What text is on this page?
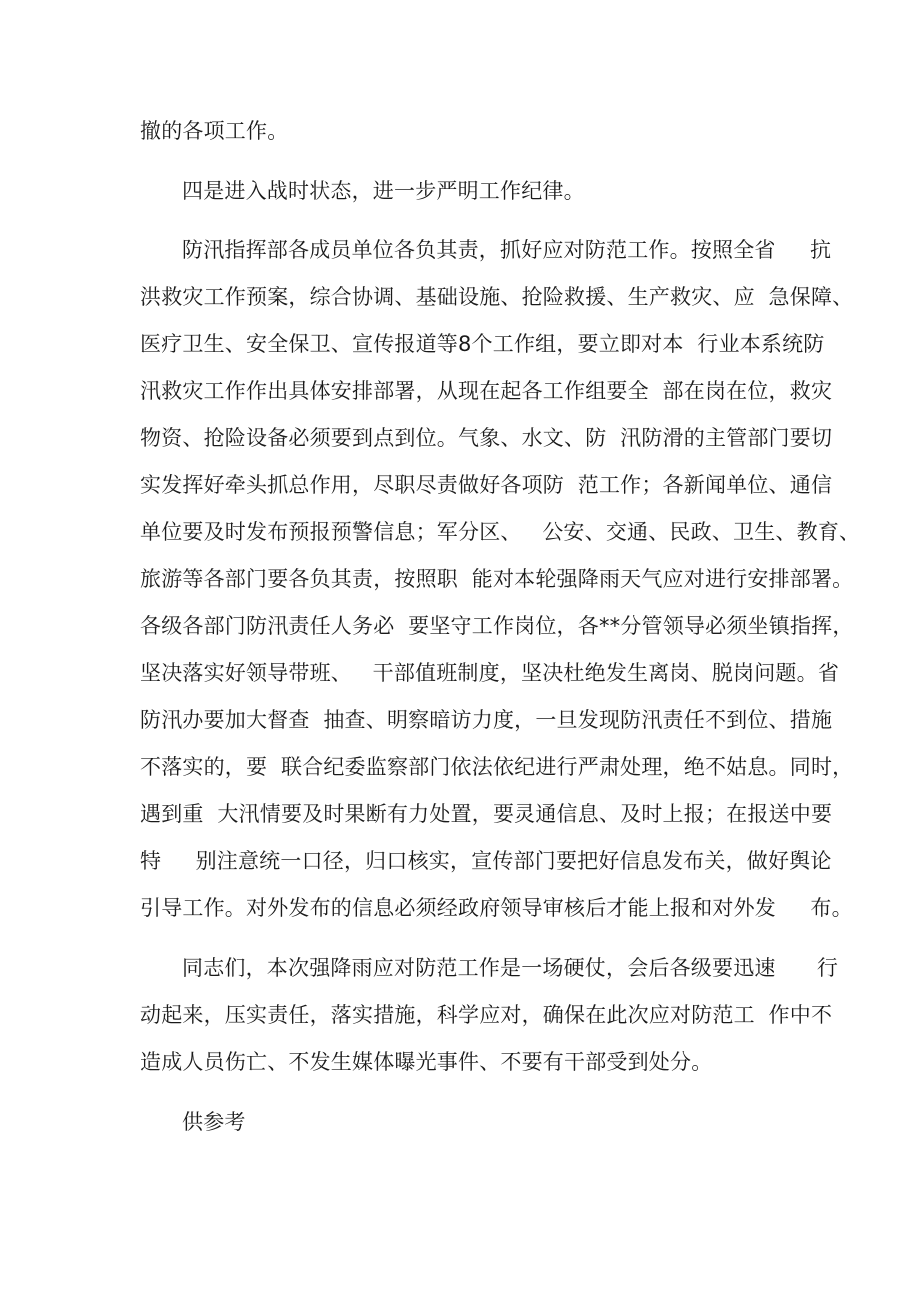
撤的各项工作。
四是进入战时状态，进一步严明工作纪律。
防汛指挥部各成员单位各负其责，抓好应对防范工作。按照全省     抗
洪救灾工作预案，综合协调、基础设施、抢险救援、生产救灾、应  急保障、
医疗卫生、安全保卫、宣传报道等8个工作组，要立即对本  行业本系统防
汛救灾工作作出具体安排部署，从现在起各工作组要全  部在岗在位，救灾
物资、抢险设备必须要到点到位。气象、水文、防  汛防滑的主管部门要切
实发挥好牵头抓总作用，尽职尽责做好各项防  范工作；各新闻单位、通信
单位要及时发布预报预警信息；军分区、   公安、交通、民政、卫生、教育、
旅游等各部门要各负其责，按照职  能对本轮强降雨天气应对进行安排部署。
各级各部门防汛责任人务必  要坚守工作岗位，各**分管领导必须坐镇指挥，
坚决落实好领导带班、   干部值班制度，坚决杜绝发生离岗、脱岗问题。省
防汛办要加大督查  抽查、明察暗访力度，一旦发现防汛责任不到位、措施
不落实的，要  联合纪委监察部门依法依纪进行严肃处理，绝不姑息。同时，
遇到重  大汛情要及时果断有力处置，要灵通信息、及时上报；在报送中要
特     别注意统一口径，归口核实，宣传部门要把好信息发布关，做好舆论
引导工作。对外发布的信息必须经政府领导审核后才能上报和对外发     布。
同志们，本次强降雨应对防范工作是一场硬仗，会后各级要迅速      行
动起来，压实责任，落实措施，科学应对，确保在此次应对防范工  作中不
造成人员伤亡、不发生媒体曝光事件、不要有干部受到处分。
供参考
